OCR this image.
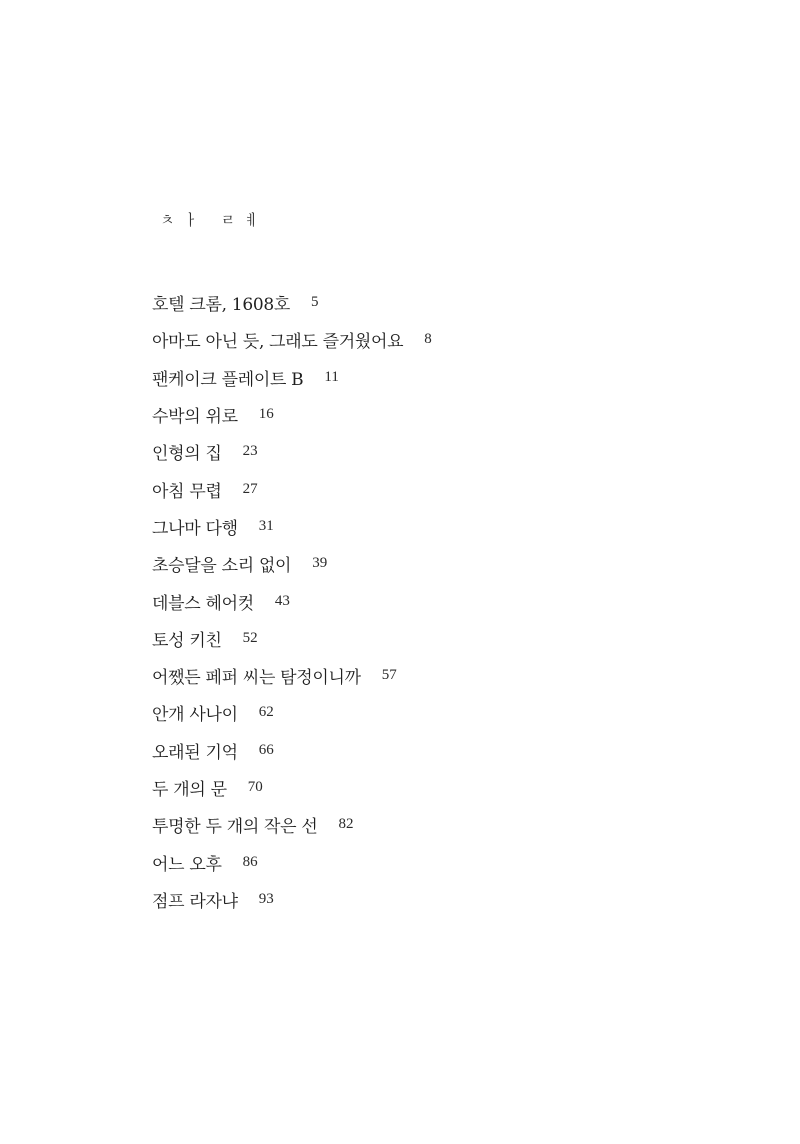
ㅊㅏ ㄹㅖ
호텔 크롬, 1608호 5
아마도 아닌 듯, 그래도 즐거웠어요 8
팬케이크 플레이트 B 11
수박의 위로 16
인형의 집 23
아침 무렵 27
그나마 다행 31
초승달을 소리 없이 39
데블스 헤어컷 43
토성 키친 52
어쨌든 페퍼 씨는 탐정이니까 57
안개 사나이 62
오래된 기억 66
두 개의 문 70
투명한 두 개의 작은 선 82
어느 오후 86
점프 라자냐 93
